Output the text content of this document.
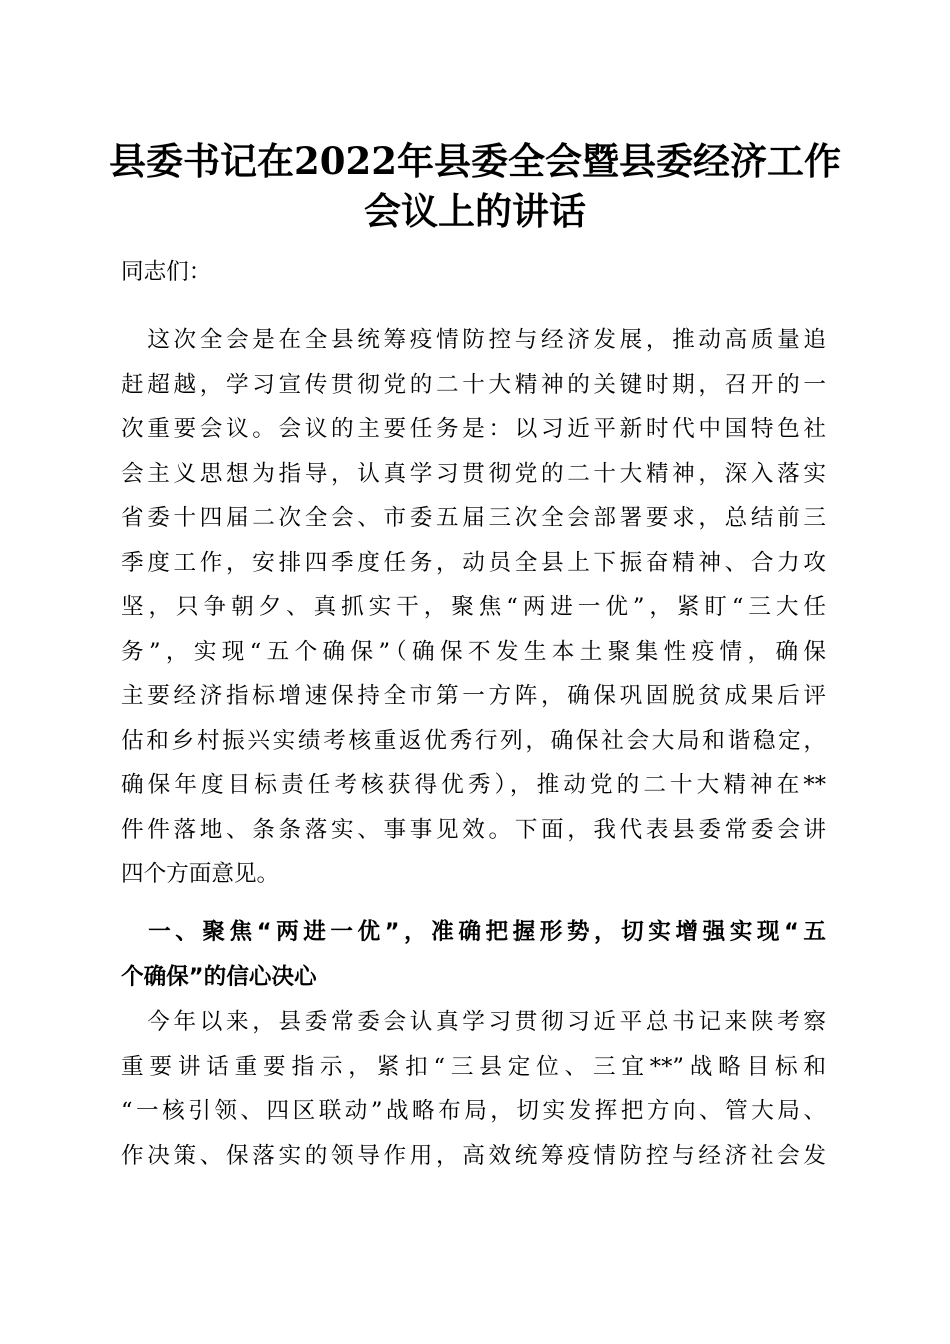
县委书记在2022年县委全会暨县委经济工作
会议上的讲话
同志们：
　这次全会是在全县统筹疫情防控与经济发展，推动高质量追
赶超越，学习宣传贯彻党的二十大精神的关键时期，召开的一
次重要会议。会议的主要任务是：以习近平新时代中国特色社
会主义思想为指导，认真学习贯彻党的二十大精神，深入落实
省委十四届二次全会、市委五届三次全会部署要求，总结前三
季度工作，安排四季度任务，动员全县上下振奋精神、合力攻
坚，只争朝夕、真抓实干，聚焦“两进一优”，紧盯“三大任
务”，实现“五个确保”（确保不发生本土聚集性疫情，确保
主要经济指标增速保持全市第一方阵，确保巩固脱贫成果后评
估和乡村振兴实绩考核重返优秀行列，确保社会大局和谐稳定，
确保年度目标责任考核获得优秀），推动党的二十大精神在**
件件落地、条条落实、事事见效。下面，我代表县委常委会讲
四个方面意见。
　一、聚焦“两进一优”，准确把握形势，切实增强实现“五
个确保”的信心决心
　今年以来，县委常委会认真学习贯彻习近平总书记来陕考察
重要讲话重要指示，紧扣“三县定位、三宜**”战略目标和
“一核引领、四区联动”战略布局，切实发挥把方向、管大局、
作决策、保落实的领导作用，高效统筹疫情防控与经济社会发
